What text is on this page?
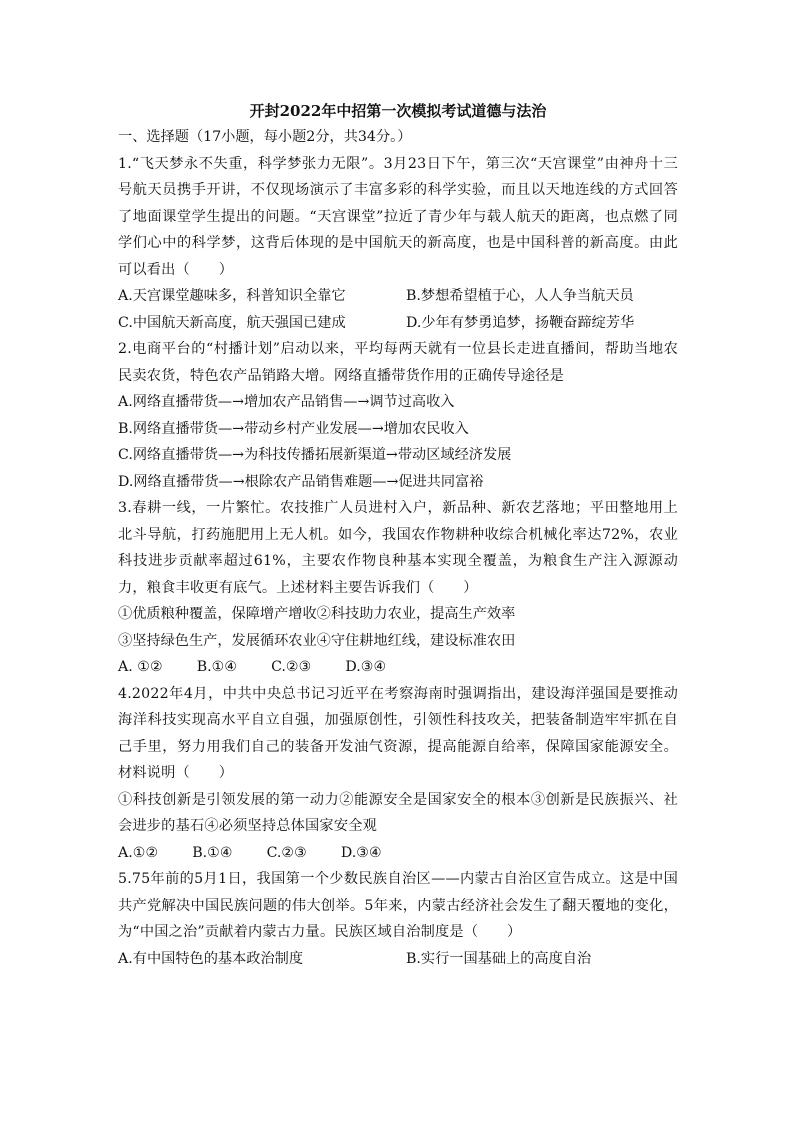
开封2022年中招第一次模拟考试道德与法治
一、选择题（17小题，每小题2分，共34分。）
1.“飞天梦永不失重，科学梦张力无限”。3月23日下午，第三次“天宫课堂”由神舟十三号航天员携手开讲，不仅现场演示了丰富多彩的科学实验，而且以天地连线的方式回答了地面课堂学生提出的问题。“天宫课堂”拉近了青少年与载人航天的距离，也点燃了同学们心中的科学梦，这背后体现的是中国航天的新高度，也是中国科普的新高度。由此可以看出（　　）
A.天宫课堂趣味多，科普知识全靠它	B.梦想希望植于心，人人争当航天员
C.中国航天新高度，航天强国已建成	D.少年有梦勇追梦，扬鞭奋蹄绽芳华
2.电商平台的“村播计划”启动以来，平均每两天就有一位县长走进直播间，帮助当地农民卖农货，特色农产品销路大增。网络直播带货作用的正确传导途径是
A.网络直播带货—→增加农产品销售—→调节过高收入
B.网络直播带货—→带动乡村产业发展—→增加农民收入
C.网络直播带货—→为科技传播拓展新渠道→带动区域经济发展
D.网络直播带货—→根除农产品销售难题—→促进共同富裕
3.春耕一线，一片繁忙。农技推广人员进村入户，新品种、新农艺落地；平田整地用上北斗导航，打药施肥用上无人机。如今，我国农作物耕种收综合机械化率达72%，农业科技进步贡献率超过61%，主要农作物良种基本实现全覆盖，为粮食生产注入源源动力，粮食丰收更有底气。上述材料主要告诉我们（　　）
①优质粮种覆盖，保障增产增收②科技助力农业，提高生产效率
③坚持绿色生产，发展循环农业④守住耕地红线，建设标准农田
A. ①② B.①④ C.②③ D.③④
4.2022年4月，中共中央总书记习近平在考察海南时强调指出，建设海洋强国是要推动海洋科技实现高水平自立自强，加强原创性，引领性科技攻关，把装备制造牢牢抓在自己手里，努力用我们自己的装备开发油气资源，提高能源自给率，保障国家能源安全。材料说明（　　）
①科技创新是引领发展的第一动力②能源安全是国家安全的根本③创新是民族振兴、社会进步的基石④必须坚持总体国家安全观
A.①② B.①④ C.②③ D.③④
5.75年前的5月1日，我国第一个少数民族自治区——内蒙古自治区宣告成立。这是中国共产党解决中国民族问题的伟大创举。5年来，内蒙古经济社会发生了翻天覆地的变化，为“中国之治”贡献着内蒙古力量。民族区域自治制度是（　　）
A.有中国特色的基本政治制度	B.实行一国基础上的高度自治
